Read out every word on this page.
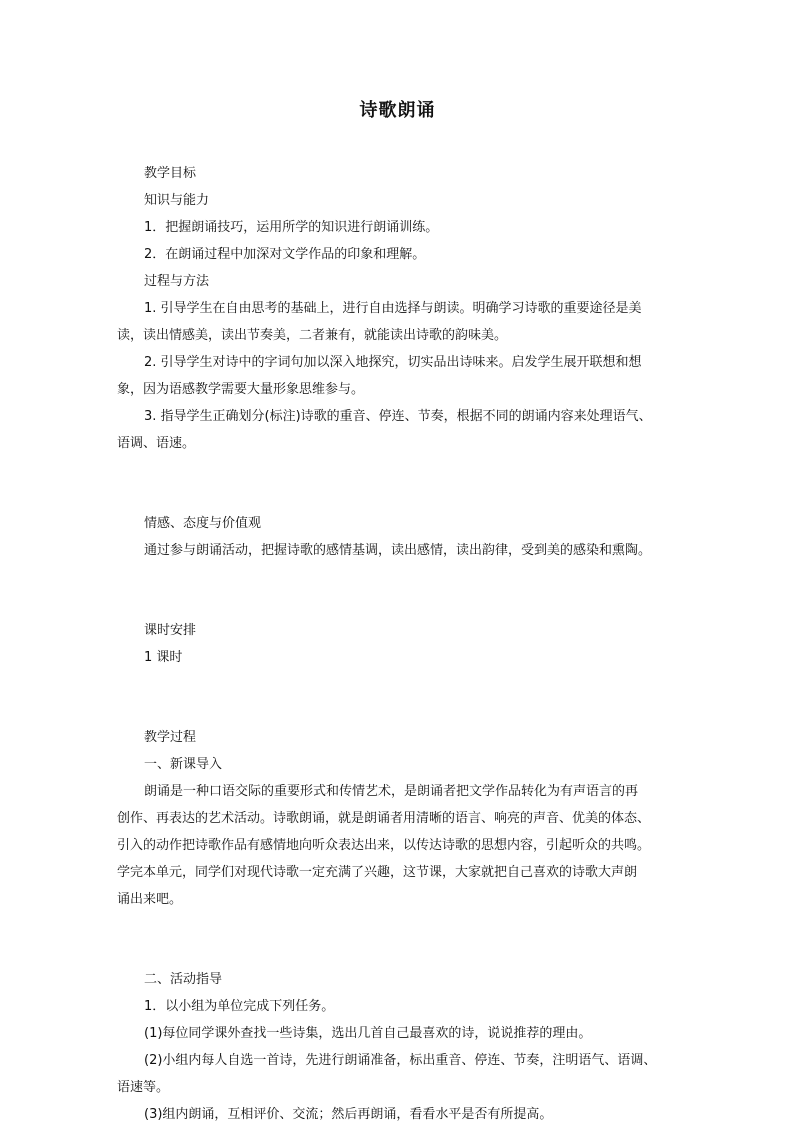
诗歌朗诵

教学目标

知识与能力

1．把握朗诵技巧，运用所学的知识进行朗诵训练。

2．在朗诵过程中加深对文学作品的印象和理解。

过程与方法

1. 引导学生在自由思考的基础上，进行自由选择与朗读。明确学习诗歌的重要途径是美

读，读出情感美，读出节奏美，二者兼有，就能读出诗歌的韵味美。

2. 引导学生对诗中的字词句加以深入地探究，切实品出诗味来。启发学生展开联想和想

象，因为语感教学需要大量形象思维参与。

3. 指导学生正确划分(标注)诗歌的重音、停连、节奏，根据不同的朗诵内容来处理语气、

语调、语速。

情感、态度与价值观

通过参与朗诵活动，把握诗歌的感情基调，读出感情，读出韵律，受到美的感染和熏陶。

课时安排

1 课时

教学过程

一、新课导入

朗诵是一种口语交际的重要形式和传情艺术，是朗诵者把文学作品转化为有声语言的再

创作、再表达的艺术活动。诗歌朗诵，就是朗诵者用清晰的语言、响亮的声音、优美的体态、

引入的动作把诗歌作品有感情地向听众表达出来，以传达诗歌的思想内容，引起听众的共鸣。

学完本单元，同学们对现代诗歌一定充满了兴趣，这节课，大家就把自己喜欢的诗歌大声朗

诵出来吧。

二、活动指导

1．以小组为单位完成下列任务。

(1)每位同学课外查找一些诗集，选出几首自己最喜欢的诗，说说推荐的理由。

(2)小组内每人自选一首诗，先进行朗诵准备，标出重音、停连、节奏，注明语气、语调、

语速等。

(3)组内朗诵，互相评价、交流；然后再朗诵，看看水平是否有所提高。
